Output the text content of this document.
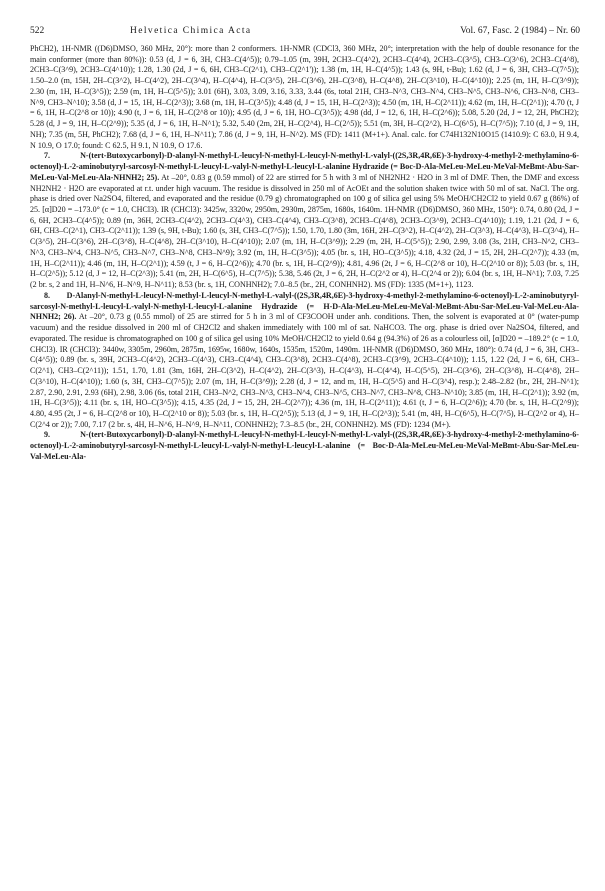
522	Helvetica Chimica Acta	Vol. 67, Fasc. 2 (1984) – Nr. 60

PhCH2), 1H-NMR ((D6)DMSO, 360 MHz, 20°): more than 2 conformers. 1H-NMR (CDCl3, 360 MHz, 20°; interpretation with the help of double resonance for the main conformer (more than 80%)): 0.53 (d, J = 6, 3H, CH3–C(4^5)); 0.79–1.05 (m, 39H, 2CH3–C(4^2), 2CH3–C(4^4), 2CH3–C(3^5), CH3–C(3^6), 2CH3–C(4^8), 2CH3–C(3^9), 2CH3–C(4^10)); 1.28, 1.30 (2d, J = 6, 6H, CH3–C(2^1), CH3–C(2^1')); 1.38 (m, 1H, H–C(4^5)); 1.43 (s, 9H, t-Bu); 1.62 (d, J = 6, 3H, CH3–C(7^5)); 1.50–2.0 (m, 15H, 2H–C(3^2), H–C(4^2), 2H–C(3^4), H–C(4^4), H–C(3^5), 2H–C(3^6), 2H–C(3^8), H–C(4^8), 2H–C(3^10), H–C(4^10)); 2.25 (m, 1H, H–C(3^9)); 2.30 (m, 1H, H–C(3^5)); 2.59 (m, 1H, H–C(5^5)); 3.01 (6H), 3.03, 3.09, 3.16, 3.33, 3.44 (6s, total 21H, CH3–N^3, CH3–N^4, CH3–N^5, CH3–N^6, CH3–N^8, CH3–N^9, CH3–N^10); 3.58 (d, J = 15, 1H, H–C(2^3)); 3.68 (m, 1H, H–C(3^5)); 4.48 (d, J = 15, 1H, H–C(2^3)); 4.50 (m, 1H, H–C(2^11)); 4.62 (m, 1H, H–C(2^1)); 4.70 (t, J = 6, 1H, H–C(2^8 or 10)); 4.90 (t, J = 6, 1H, H–C(2^8 or 10)); 4.95 (d, J = 6, 1H, HO–C(3^5)); 4.98 (dd, J = 12, 6, 1H, H–C(2^6)); 5.08, 5.20 (2d, J = 12, 2H, PhCH2); 5.28 (d, J = 9, 1H, H–C(2^9)); 5.35 (d, J = 6, 1H, H–N^1); 5.32, 5.40 (2m, 2H, H–C(2^4), H–C(2^5)); 5.51 (m, 3H, H–C(2^2), H–C(6^5), H–C(7^5)); 7.10 (d, J = 9, 1H, NH); 7.35 (m, 5H, PhCH2); 7.68 (d, J = 6, 1H, H–N^11); 7.86 (d, J = 9, 1H, H–N^2). MS (FD): 1411 (M+1+). Anal. calc. for C74H132N10O15 (1410.9): C 63.0, H 9.4, N 10.9, O 17.0; found: C 62.5, H 9.1, N 10.9, O 17.6.

7.	N-(tert-Butoxycarbonyl)-D-alanyl-N-methyl-L-leucyl-N-methyl-L-leucyl-N-methyl-L-valyl-((2S,3R,4R,6E)-3-hydroxy-4-methyl-2-methylamino-6-octenoyl)-L-2-aminobutyryl-sarcosyl-N-methyl-L-leucyl-L-valyl-N-methyl-L-leucyl-L-alanine Hydrazide (= Boc-D-Ala-MeLeu-MeLeu-MeVal-MeBmt-Abu-Sar-MeLeu-Val-MeLeu-Ala-NHNH2; 25). At –20°, 0.83 g (0.59 mmol) of 22 are stirred for 5 h with 3 ml of NH2NH2 · H2O in 3 ml of DMF. Then, the DMF and excess NH2NH2 · H2O are evaporated at r.t. under high vacuum. The residue is dissolved in 250 ml of AcOEt and the solution shaken twice with 50 ml of sat. NaCl. The org. phase is dried over Na2SO4, filtered, and evaporated and the residue (0.79 g) chromatographed on 100 g of silica gel using 5% MeOH/CH2Cl2 to yield 0.67 g (86%) of 25. [α]D20 = –173.0° (c = 1.0, CHCl3). IR (CHCl3): 3425w, 3320w, 2950m, 2930m, 2875m, 1680s, 1640m. 1H-NMR ((D6)DMSO, 360 MHz, 150°): 0.74, 0.80 (2d, J = 6, 6H, 2CH3–C(4^5)); 0.89 (m, 36H, 2CH3–C(4^2), 2CH3–C(4^3), CH3–C(4^4), CH3–C(3^8), 2CH3–C(4^8), 2CH3–C(3^9), 2CH3–C(4^10)); 1.19, 1.21 (2d, J = 6, 6H, CH3–C(2^1), CH3–C(2^11)); 1.39 (s, 9H, t-Bu); 1.60 (s, 3H, CH3–C(7^5)); 1.50, 1.70, 1.80 (3m, 16H, 2H–C(3^2), H–C(4^2), 2H–C(3^3), H–C(4^3), H–C(3^4), H–C(3^5), 2H–C(3^6), 2H–C(3^8), H–C(4^8), 2H–C(3^10), H–C(4^10)); 2.07 (m, 1H, H–C(3^9)); 2.29 (m, 2H, H–C(5^5)); 2.90, 2.99, 3.08 (3s, 21H, CH3–N^2, CH3–N^3, CH3–N^4, CH3–N^5, CH3–N^7, CH3–N^8, CH3–N^9); 3.92 (m, 1H, H–C(3^5)); 4.05 (br. s, 1H, HO–C(3^5)); 4.18, 4.32 (2d, J = 15, 2H, 2H–C(2^7)); 4.33 (m, 1H, H–C(2^11)); 4.46 (m, 1H, H–C(2^1)); 4.59 (t, J = 6, H–C(2^6)); 4.70 (br. s, 1H, H–C(2^9)); 4.81, 4.96 (2t, J = 6, H–C(2^8 or 10), H–C(2^10 or 8)); 5.03 (br. s, 1H, H–C(2^5)); 5.12 (d, J = 12, H–C(2^3)); 5.41 (m, 2H, H–C(6^5), H–C(7^5)); 5.38, 5.46 (2t, J = 6, 2H, H–C(2^2 or 4), H–C(2^4 or 2)); 6.04 (br. s, 1H, H–N^1); 7.03, 7.25 (2 br. s, 2 and 1H, H–N^6, H–N^9, H–N^11); 8.53 (br. s, 1H, CONHNH2); 7.0–8.5 (br., 2H, CONHNH2). MS (FD): 1335 (M+1+), 1123.

8. D-Alanyl-N-methyl-L-leucyl-N-methyl-L-leucyl-N-methyl-L-valyl-((2S,3R,4R,6E)-3-hydroxy-4-methyl-2-methylamino-6-octenoyl)-L-2-aminobutyryl-sarcosyl-N-methyl-L-leucyl-L-valyl-N-methyl-L-leucyl-L-alanine Hydrazide (= H-D-Ala-MeLeu-MeLeu-MeVal-MeBmt-Abu-Sar-MeLeu-Val-MeLeu-Ala-NHNH2; 26). At –20°, 0.73 g (0.55 mmol) of 25 are stirred for 5 h in 3 ml of CF3COOH under anh. conditions. Then, the solvent is evaporated at 0° (water-pump vacuum) and the residue dissolved in 200 ml of CH2Cl2 and shaken immediately with 100 ml of sat. NaHCO3. The org. phase is dried over Na2SO4, filtered, and evaporated. The residue is chromatographed on 100 g of silica gel using 10% MeOH/CH2Cl2 to yield 0.64 g (94.3%) of 26 as a colourless oil, [α]D20 = –189.2° (c = 1.0, CHCl3). IR (CHCl3): 3440w, 3305m, 2960m, 2875m, 1695w, 1680w, 1640s, 1535m, 1520m, 1490m. 1H-NMR ((D6)DMSO, 360 MHz, 180°): 0.74 (d, J = 6, 3H, CH3–C(4^5)); 0.89 (br. s, 39H, 2CH3–C(4^2), 2CH3–C(4^3), CH3–C(4^4), CH3–C(3^8), 2CH3–C(4^8), 2CH3–C(3^9), 2CH3–C(4^10)); 1.15, 1.22 (2d, J = 6, 6H, CH3–C(2^1), CH3–C(2^11)); 1.51, 1.70, 1.81 (3m, 16H, 2H–C(3^2), H–C(4^2), 2H–C(3^3), H–C(4^3), H–C(4^4), H–C(5^5), 2H–C(3^6), 2H–C(3^8), H–C(4^8), 2H–C(3^10), H–C(4^10)); 1.60 (s, 3H, CH3–C(7^5)); 2.07 (m, 1H, H–C(3^9)); 2.28 (d, J = 12, and m, 1H, H–C(5^5) and H–C(3^4), resp.); 2.48–2.82 (br., 2H, 2H–N^1); 2.87, 2.90, 2.91, 2.93 (6H), 2.98, 3.06 (6s, total 21H, CH3–N^2, CH3–N^3, CH3–N^4, CH3–N^5, CH3–N^7, CH3–N^8, CH3–N^10); 3.85 (m, 1H, H–C(2^1)); 3.92 (m, 1H, H–C(3^5)); 4.11 (br. s, 1H, HO–C(3^5)); 4.15, 4.35 (2d, J = 15, 2H, 2H–C(2^7)); 4.36 (m, 1H, H–C(2^11)); 4.61 (t, J = 6, H–C(2^6)); 4.70 (br. s, 1H, H–C(2^9)); 4.80, 4.95 (2t, J = 6, H–C(2^8 or 10), H–C(2^10 or 8)); 5.03 (br. s, 1H, H–C(2^5)); 5.13 (d, J = 9, 1H, H–C(2^3)); 5.41 (m, 4H, H–C(6^5), H–C(7^5), H–C(2^2 or 4), H–C(2^4 or 2)); 7.00, 7.17 (2 br. s, 4H, H–N^6, H–N^9, H–N^11, CONHNH2); 7.3–8.5 (br., 2H, CONHNH2). MS (FD): 1234 (M+).

9.	N-(tert-Butoxycarbonyl)-D-alanyl-N-methyl-L-leucyl-N-methyl-L-leucyl-N-methyl-L-valyl-((2S,3R,4R,6E)-3-hydroxy-4-methyl-2-methylamino-6-octenoyl)-L-2-aminobutyryl-sarcosyl-N-methyl-L-leucyl-L-valyl-N-methyl-L-leucyl-L-alanine (= Boc-D-Ala-MeLeu-MeLeu-MeVal-MeBmt-Abu-Sar-MeLeu-Val-MeLeu-Ala-
